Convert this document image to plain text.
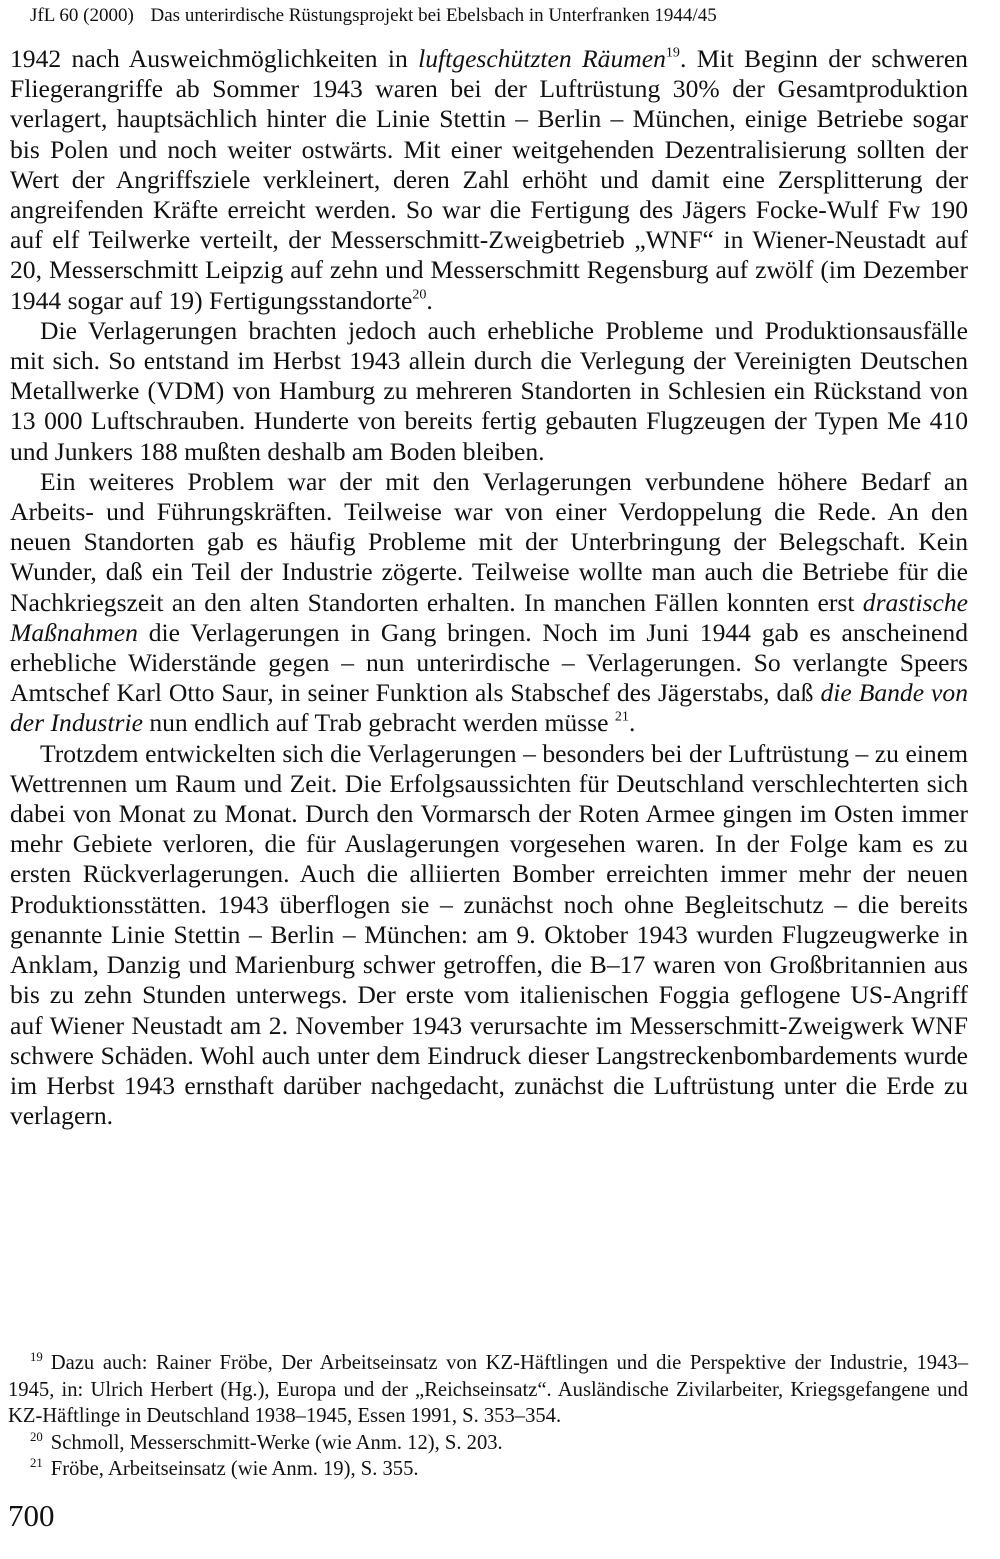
JfL 60 (2000) Das unterirdische Rüstungsprojekt bei Ebelsbach in Unterfranken 1944/45

1942 nach Ausweichmöglichkeiten in luftgeschützten Räumen$^{19}$. Mit Beginn der schweren Fliegerangriffe ab Sommer 1943 waren bei der Luftrüstung 30% der Gesamtproduktion verlagert, hauptsächlich hinter die Linie Stettin – Berlin – München, einige Betriebe sogar bis Polen und noch weiter ostwärts. Mit einer weitgehenden Dezentralisierung sollten der Wert der Angriffsziele verkleinert, deren Zahl erhöht und damit eine Zersplitterung der angreifenden Kräfte erreicht werden. So war die Fertigung des Jägers Focke-Wulf Fw 190 auf elf Teilwerke verteilt, der Messerschmitt-Zweigbetrieb „WNF“ in Wiener-Neustadt auf 20, Messerschmitt Leipzig auf zehn und Messerschmitt Regensburg auf zwölf (im Dezember 1944 sogar auf 19) Fertigungsstandorte$^{20}$.

Die Verlagerungen brachten jedoch auch erhebliche Probleme und Produktionsausfälle mit sich. So entstand im Herbst 1943 allein durch die Verlegung der Vereinigten Deutschen Metallwerke (VDM) von Hamburg zu mehreren Standorten in Schlesien ein Rückstand von 13 000 Luftschrauben. Hunderte von bereits fertig gebauten Flugzeugen der Typen Me 410 und Junkers 188 mußten deshalb am Boden bleiben.

Ein weiteres Problem war der mit den Verlagerungen verbundene höhere Bedarf an Arbeits- und Führungskräften. Teilweise war von einer Verdoppelung die Rede. An den neuen Standorten gab es häufig Probleme mit der Unterbringung der Belegschaft. Kein Wunder, daß ein Teil der Industrie zögerte. Teilweise wollte man auch die Betriebe für die Nachkriegszeit an den alten Standorten erhalten. In manchen Fällen konnten erst drastische Maßnahmen die Verlagerungen in Gang bringen. Noch im Juni 1944 gab es anscheinend erhebliche Widerstände gegen – nun unterirdische – Verlagerungen. So verlangte Speers Amtschef Karl Otto Saur, in seiner Funktion als Stabschef des Jägerstabs, daß die Bande von der Industrie nun endlich auf Trab gebracht werden müsse $^{21}$.

Trotzdem entwickelten sich die Verlagerungen – besonders bei der Luftrüstung – zu einem Wettrennen um Raum und Zeit. Die Erfolgsaussichten für Deutschland verschlechterten sich dabei von Monat zu Monat. Durch den Vormarsch der Roten Armee gingen im Osten immer mehr Gebiete verloren, die für Auslagerungen vorgesehen waren. In der Folge kam es zu ersten Rückverlagerungen. Auch die alliierten Bomber erreichten immer mehr der neuen Produktionsstätten. 1943 überflogen sie – zunächst noch ohne Begleitschutz – die bereits genannte Linie Stettin – Berlin – München: am 9. Oktober 1943 wurden Flugzeugwerke in Anklam, Danzig und Marienburg schwer getroffen, die B–17 waren von Großbritannien aus bis zu zehn Stunden unterwegs. Der erste vom italienischen Foggia geflogene US-Angriff auf Wiener Neustadt am 2. November 1943 verursachte im Messerschmitt-Zweigwerk WNF schwere Schäden. Wohl auch unter dem Eindruck dieser Langstreckenbombardements wurde im Herbst 1943 ernsthaft darüber nachgedacht, zunächst die Luftrüstung unter die Erde zu verlagern.

$^{19}$ Dazu auch: Rainer Fröbe, Der Arbeitseinsatz von KZ-Häftlingen und die Perspektive der Industrie, 1943–1945, in: Ulrich Herbert (Hg.), Europa und der „Reichseinsatz“. Ausländische Zivilarbeiter, Kriegsgefangene und KZ-Häftlinge in Deutschland 1938–1945, Essen 1991, S. 353–354.

$^{20}$ Schmoll, Messerschmitt-Werke (wie Anm. 12), S. 203.

$^{21}$ Fröbe, Arbeitseinsatz (wie Anm. 19), S. 355.

700
